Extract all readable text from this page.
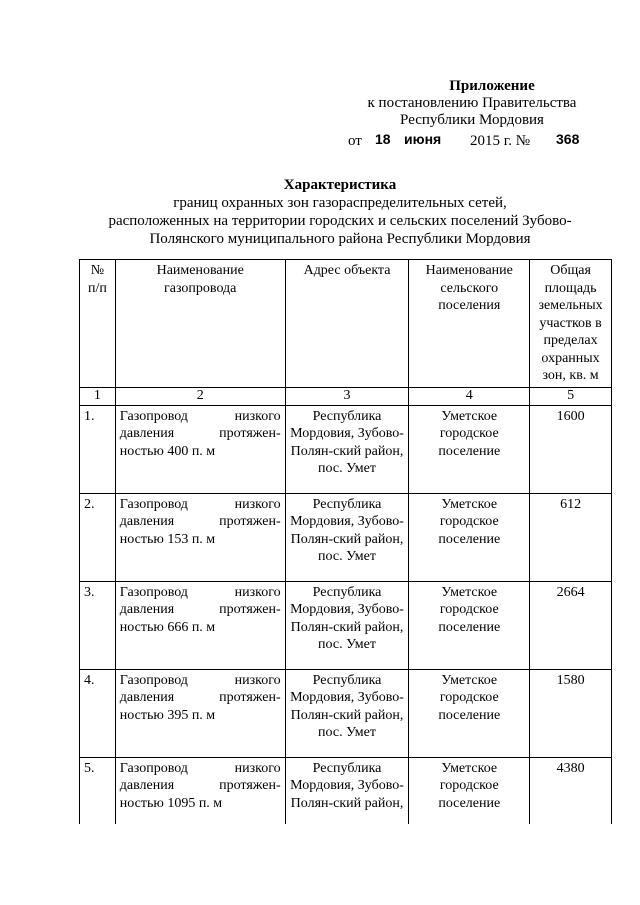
Приложение
к постановлению Правительства
Республики Мордовия
от 18 июня 2015 г. № 368
Характеристика
границ охранных зон газораспределительных сетей,
расположенных на территории городских и сельских поселений Зубово-
Полянского муниципального района Республики Мордовия
№ п/п	Наименование газопровода	Адрес объекта	Наименование сельского поселения	Общая площадь земельных участков в пределах охранных зон, кв. м
1	2	3	4	5
1.	Газопровод низкого
давления протяжен-
ностью 400 п. м	Республика Мордовия, Зубово-Полян-ский район, пос. Умет	Уметское городское поселение	1600
2.	Газопровод низкого
давления протяжен-
ностью 153 п. м	Республика Мордовия, Зубово-Полян-ский район, пос. Умет	Уметское городское поселение	612
3.	Газопровод низкого
давления протяжен-
ностью 666 п. м	Республика Мордовия, Зубово-Полян-ский район, пос. Умет	Уметское городское поселение	2664
4.	Газопровод низкого
давления протяжен-
ностью 395 п. м	Республика Мордовия, Зубово-Полян-ский район, пос. Умет	Уметское городское поселение	1580
5.	Газопровод низкого
давления протяжен-
ностью 1095 п. м	Республика Мордовия, Зубово-Полян-ский район,	Уметское городское поселение	4380
